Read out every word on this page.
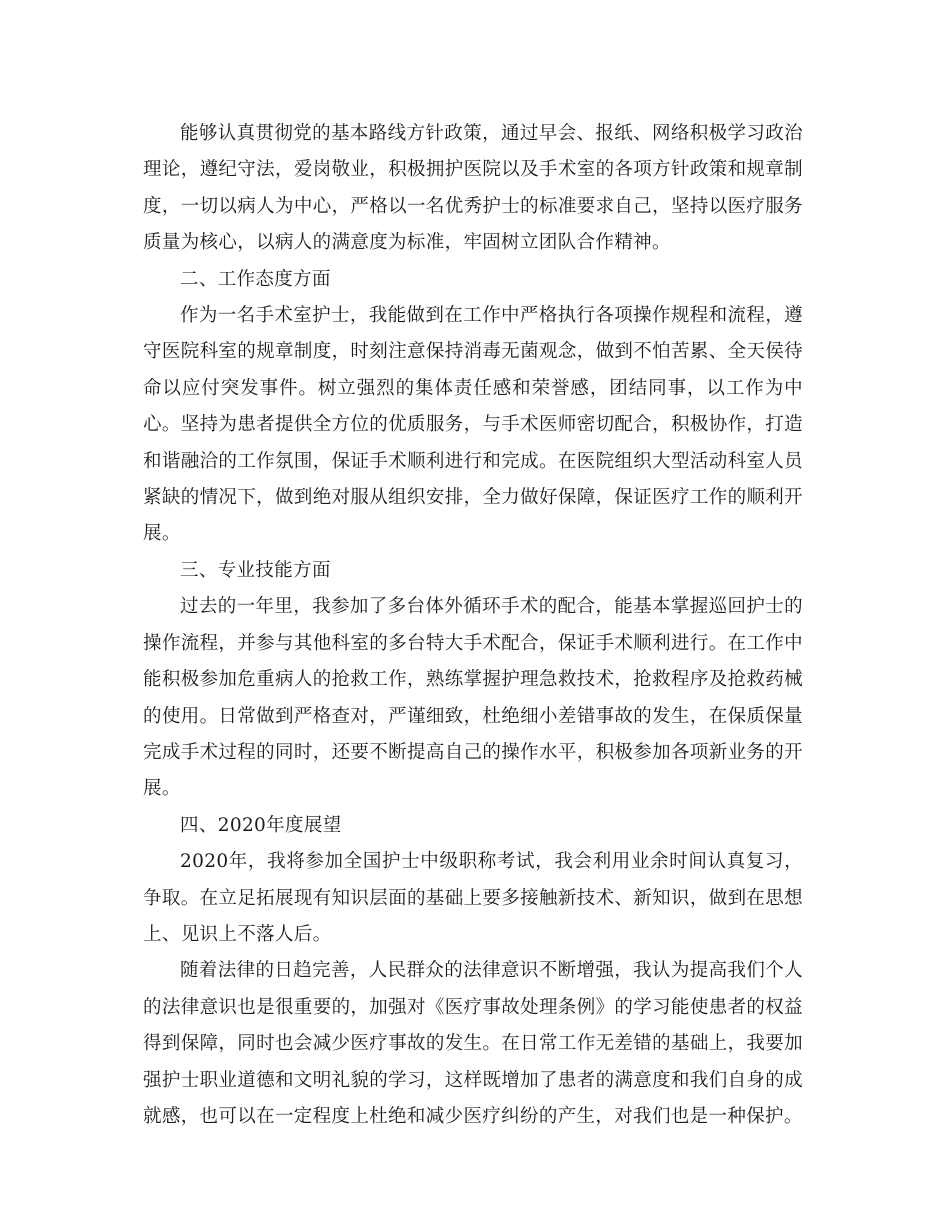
能够认真贯彻党的基本路线方针政策，通过早会、报纸、网络积极学习政治理论，遵纪守法，爱岗敬业，积极拥护医院以及手术室的各项方针政策和规章制度，一切以病人为中心，严格以一名优秀护士的标准要求自己，坚持以医疗服务质量为核心，以病人的满意度为标准，牢固树立团队合作精神。

二、工作态度方面

作为一名手术室护士，我能做到在工作中严格执行各项操作规程和流程，遵守医院科室的规章制度，时刻注意保持消毒无菌观念，做到不怕苦累、全天侯待命以应付突发事件。树立强烈的集体责任感和荣誉感，团结同事，以工作为中心。坚持为患者提供全方位的优质服务，与手术医师密切配合，积极协作，打造和谐融洽的工作氛围，保证手术顺利进行和完成。在医院组织大型活动科室人员紧缺的情况下，做到绝对服从组织安排，全力做好保障，保证医疗工作的顺利开展。

三、专业技能方面

过去的一年里，我参加了多台体外循环手术的配合，能基本掌握巡回护士的操作流程，并参与其他科室的多台特大手术配合，保证手术顺利进行。在工作中能积极参加危重病人的抢救工作，熟练掌握护理急救技术，抢救程序及抢救药械的使用。日常做到严格查对，严谨细致，杜绝细小差错事故的发生，在保质保量完成手术过程的同时，还要不断提高自己的操作水平，积极参加各项新业务的开展。

四、2020年度展望

2020年，我将参加全国护士中级职称考试，我会利用业余时间认真复习，争取。在立足拓展现有知识层面的基础上要多接触新技术、新知识，做到在思想上、见识上不落人后。

随着法律的日趋完善，人民群众的法律意识不断增强，我认为提高我们个人的法律意识也是很重要的，加强对《医疗事故处理条例》的学习能使患者的权益得到保障，同时也会减少医疗事故的发生。在日常工作无差错的基础上，我要加强护士职业道德和文明礼貌的学习，这样既增加了患者的满意度和我们自身的成就感，也可以在一定程度上杜绝和减少医疗纠纷的产生，对我们也是一种保护。
